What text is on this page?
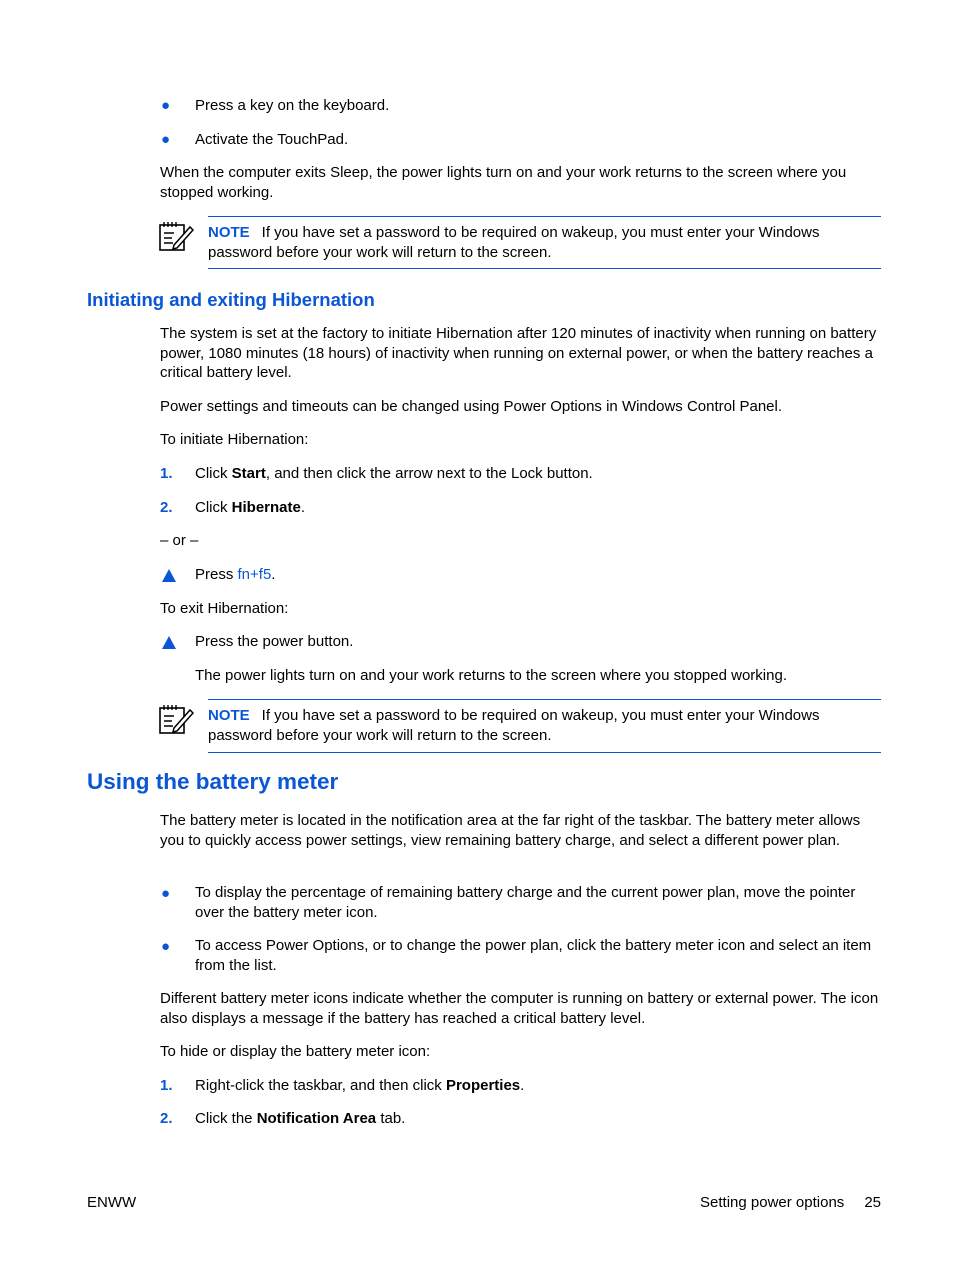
● Press a key on the keyboard.
● Activate the TouchPad.
When the computer exits Sleep, the power lights turn on and your work returns to the screen where you stopped working.
NOTE If you have set a password to be required on wakeup, you must enter your Windows password before your work will return to the screen.
Initiating and exiting Hibernation
The system is set at the factory to initiate Hibernation after 120 minutes of inactivity when running on battery power, 1080 minutes (18 hours) of inactivity when running on external power, or when the battery reaches a critical battery level.
Power settings and timeouts can be changed using Power Options in Windows Control Panel.
To initiate Hibernation:
1. Click Start, and then click the arrow next to the Lock button.
2. Click Hibernate.
– or –
Press fn+f5.
To exit Hibernation:
Press the power button.
The power lights turn on and your work returns to the screen where you stopped working.
NOTE If you have set a password to be required on wakeup, you must enter your Windows password before your work will return to the screen.
Using the battery meter
The battery meter is located in the notification area at the far right of the taskbar. The battery meter allows you to quickly access power settings, view remaining battery charge, and select a different power plan.
● To display the percentage of remaining battery charge and the current power plan, move the pointer over the battery meter icon.
● To access Power Options, or to change the power plan, click the battery meter icon and select an item from the list.
Different battery meter icons indicate whether the computer is running on battery or external power. The icon also displays a message if the battery has reached a critical battery level.
To hide or display the battery meter icon:
1. Right-click the taskbar, and then click Properties.
2. Click the Notification Area tab.
ENWW	Setting power options 25
